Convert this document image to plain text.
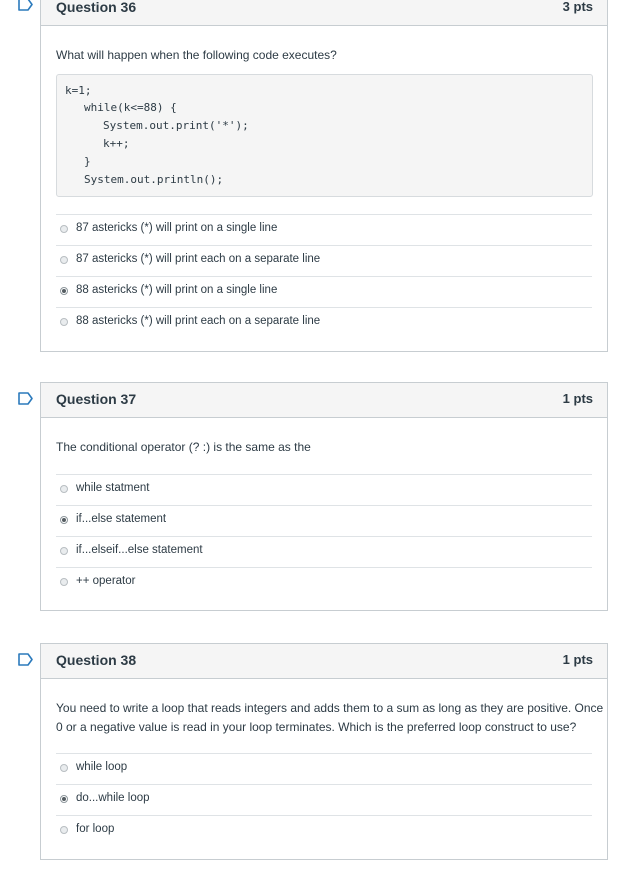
Question 36	3 pts
What will happen when the following code executes?
k=1;
while(k<=88) {
System.out.print('*');
k++;
}
System.out.println();
87 astericks (*) will print on a single line
87 astericks (*) will print each on a separate line
88 astericks (*) will print on a single line
88 astericks (*) will print each on a separate line
Question 37	1 pts
The conditional operator (? :) is the same as the
while statment
if...else statement
if...elseif...else statement
++ operator
Question 38	1 pts
You need to write a loop that reads integers and adds them to a sum as long as they are positive. Once
0 or a negative value is read in your loop terminates. Which is the preferred loop construct to use?
while loop
do...while loop
for loop
